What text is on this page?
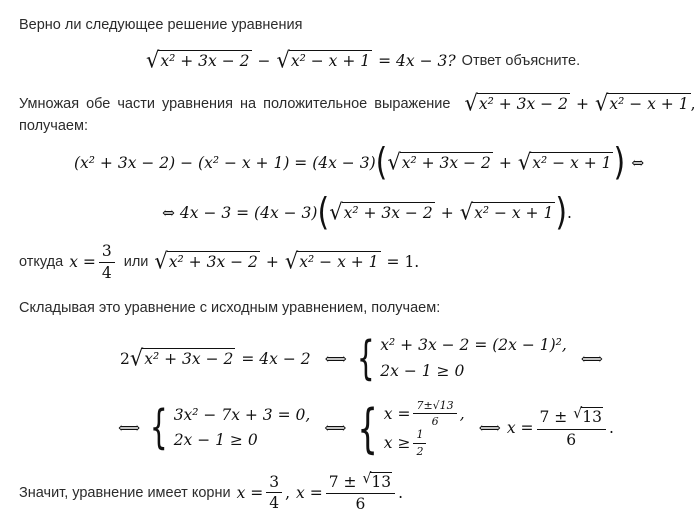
Верно ли следующее решение уравнения
√ x² + 3x − 2 − √ x² − x + 1 = 4x − 3? Ответ объясните.
Умножая обе части уравнения на положительное выражение √ x² + 3x − 2 + √ x² − x + 1 ,
получаем:
(x² + 3x − 2) − (x² − x + 1) = (4x − 3) ( √ x² + 3x − 2 + √ x² − x + 1 ) ⇔
⇔ 4x − 3 = (4x − 3) ( √ x² + 3x − 2 + √ x² − x + 1 ) .
откуда $x = \frac{3}{4}$ или √ x² + 3x − 2 + √ x² − x + 1 = 1.
Складывая это уравнение с исходным уравнением, получаем:
2 √ x² + 3x − 2 = 4x − 2 ⟺ { x² + 3x − 2 = (2x − 1)²,
2x − 1 ≥ 0
⟺
⟺ { 3x² − 7x + 3 = 0,
2x − 1 ≥ 0
⟺ { $x = \frac{7\pm√13}{6}$ ,
$x \ge \frac{1}{2}$	⟺ $x = \frac{7 \pm √ 13}{6}$ .
Значит, уравнение имеет корни $x = \frac{3}{4}$ , $x = \frac{7 \pm √ 13}{6}$ .
